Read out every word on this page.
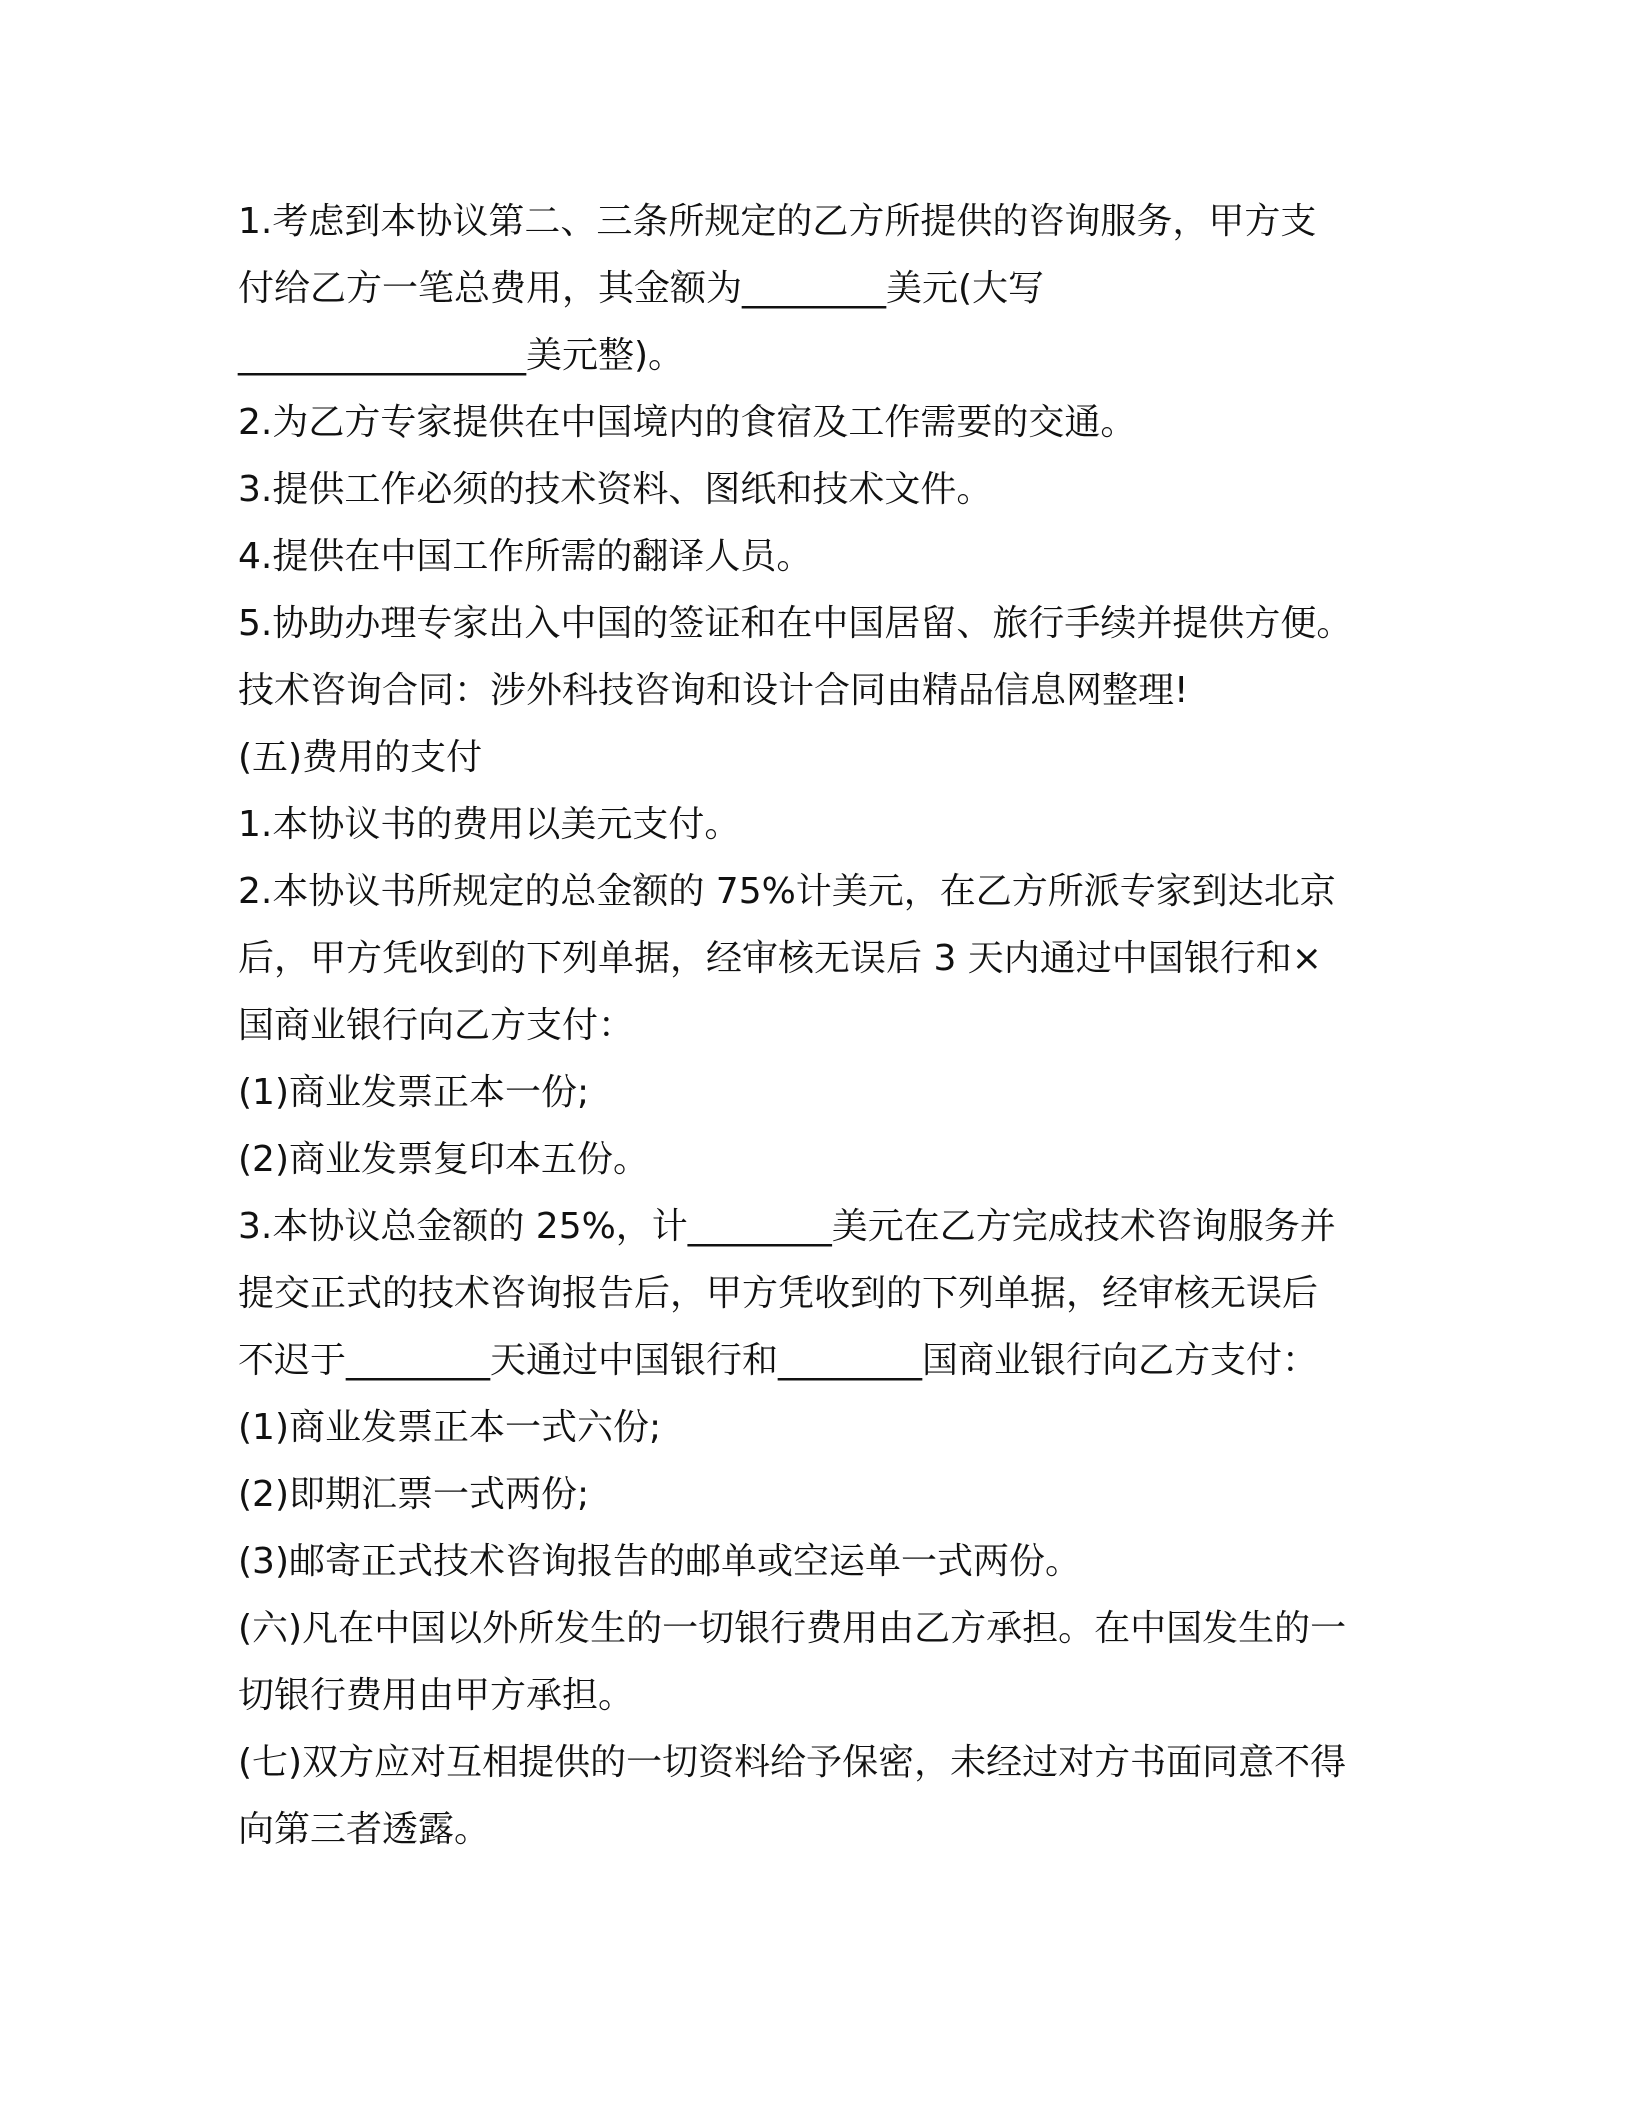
1.考虑到本协议第二、三条所规定的乙方所提供的咨询服务，甲方支
付给乙方一笔总费用，其金额为________美元(大写
________________美元整)。
2.为乙方专家提供在中国境内的食宿及工作需要的交通。
3.提供工作必须的技术资料、图纸和技术文件。
4.提供在中国工作所需的翻译人员。
5.协助办理专家出入中国的签证和在中国居留、旅行手续并提供方便。
技术咨询合同：涉外科技咨询和设计合同由精品信息网整理!
(五)费用的支付
1.本协议书的费用以美元支付。
2.本协议书所规定的总金额的 75%计美元，在乙方所派专家到达北京
后，甲方凭收到的下列单据，经审核无误后 3 天内通过中国银行和×
国商业银行向乙方支付：
(1)商业发票正本一份;
(2)商业发票复印本五份。
3.本协议总金额的 25%，计________美元在乙方完成技术咨询服务并
提交正式的技术咨询报告后，甲方凭收到的下列单据，经审核无误后
不迟于________天通过中国银行和________国商业银行向乙方支付：
(1)商业发票正本一式六份;
(2)即期汇票一式两份;
(3)邮寄正式技术咨询报告的邮单或空运单一式两份。
(六)凡在中国以外所发生的一切银行费用由乙方承担。在中国发生的一
切银行费用由甲方承担。
(七)双方应对互相提供的一切资料给予保密，未经过对方书面同意不得
向第三者透露。
